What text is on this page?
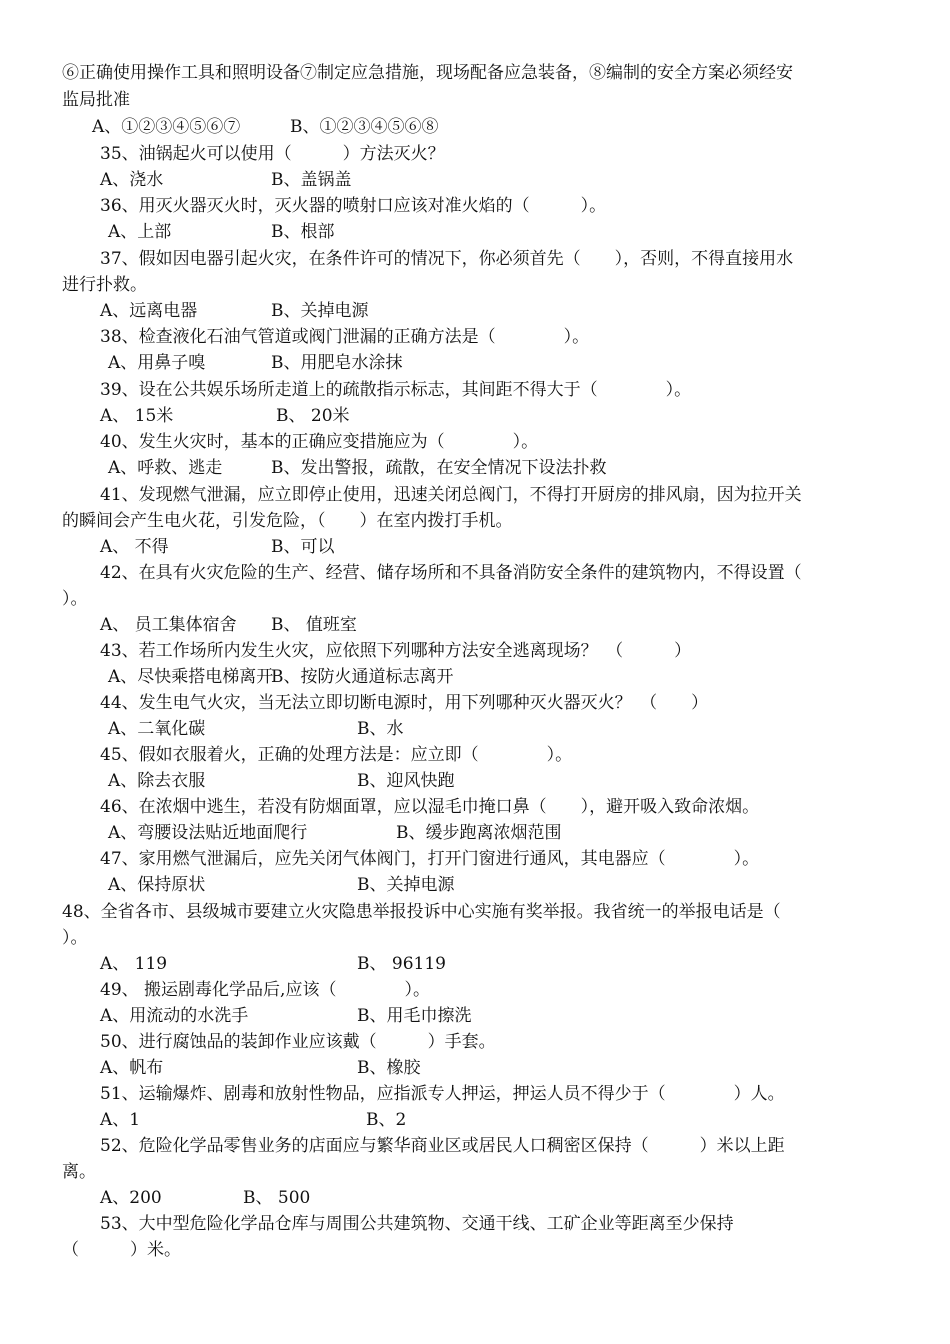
⑥正确使用操作工具和照明设备⑦制定应急措施，现场配备应急装备，⑧编制的安全方案必须经安
监局批准
A、①②③④⑤⑥⑦	B、①②③④⑤⑥⑧
35、油锅起火可以使用（　　　）方法灭火？
A、浇水	B、盖锅盖
36、用灭火器灭火时，灭火器的喷射口应该对准火焰的（　　　）。
A、上部	B、根部
37、假如因电器引起火灾，在条件许可的情况下，你必须首先（　　），否则，不得直接用水
进行扑救。
A、远离电器	B、关掉电源
38、检查液化石油气管道或阀门泄漏的正确方法是（　　　　）。
A、用鼻子嗅	B、用肥皂水涂抹
39、设在公共娱乐场所走道上的疏散指示标志，其间距不得大于（　　　　）。
A、 15米	B、 20米
40、发生火灾时，基本的正确应变措施应为（　　　　）。
A、呼救、逃走	B、发出警报，疏散，在安全情况下设法扑救
41、发现燃气泄漏，应立即停止使用，迅速关闭总阀门，不得打开厨房的排风扇，因为拉开关
的瞬间会产生电火花，引发危险，（　　）在室内拨打手机。
A、 不得	B、可以
42、在具有火灾危险的生产、经营、储存场所和不具备消防安全条件的建筑物内，不得设置（
）。
A、 员工集体宿舍 B、 值班室
43、若工作场所内发生火灾，应依照下列哪种方法安全逃离现场？　（　　　）
A、尽快乘搭电梯离开
B、按防火通道标志离开
44、发生电气火灾，当无法立即切断电源时，用下列哪种灭火器灭火？　（　　）
A、二氧化碳	B、水
45、假如衣服着火，正确的处理方法是：应立即（　　　　）。
A、除去衣服	B、迎风快跑
46、在浓烟中逃生，若没有防烟面罩，应以湿毛巾掩口鼻（　　），避开吸入致命浓烟。
A、弯腰设法贴近地面爬行	B、缓步跑离浓烟范围
47、家用燃气泄漏后，应先关闭气体阀门，打开门窗进行通风，其电器应（　　　　）。
A、保持原状	B、关掉电源
48、全省各市、县级城市要建立火灾隐患举报投诉中心实施有奖举报。我省统一的举报电话是（
）。
A、 119	B、 96119
49、 搬运剧毒化学品后,应该（　　　　）。
A、用流动的水洗手	B、用毛巾擦洗
50、进行腐蚀品的装卸作业应该戴（　　　）手套。
A、帆布	B、橡胶
51、运输爆炸、剧毒和放射性物品，应指派专人押运，押运人员不得少于（　　　　）人。
A、1	B、2
52、危险化学品零售业务的店面应与繁华商业区或居民人口稠密区保持（　　　）米以上距
离。
A、200	B、 500
53、大中型危险化学品仓库与周围公共建筑物、交通干线、工矿企业等距离至少保持
（　　　）米。
